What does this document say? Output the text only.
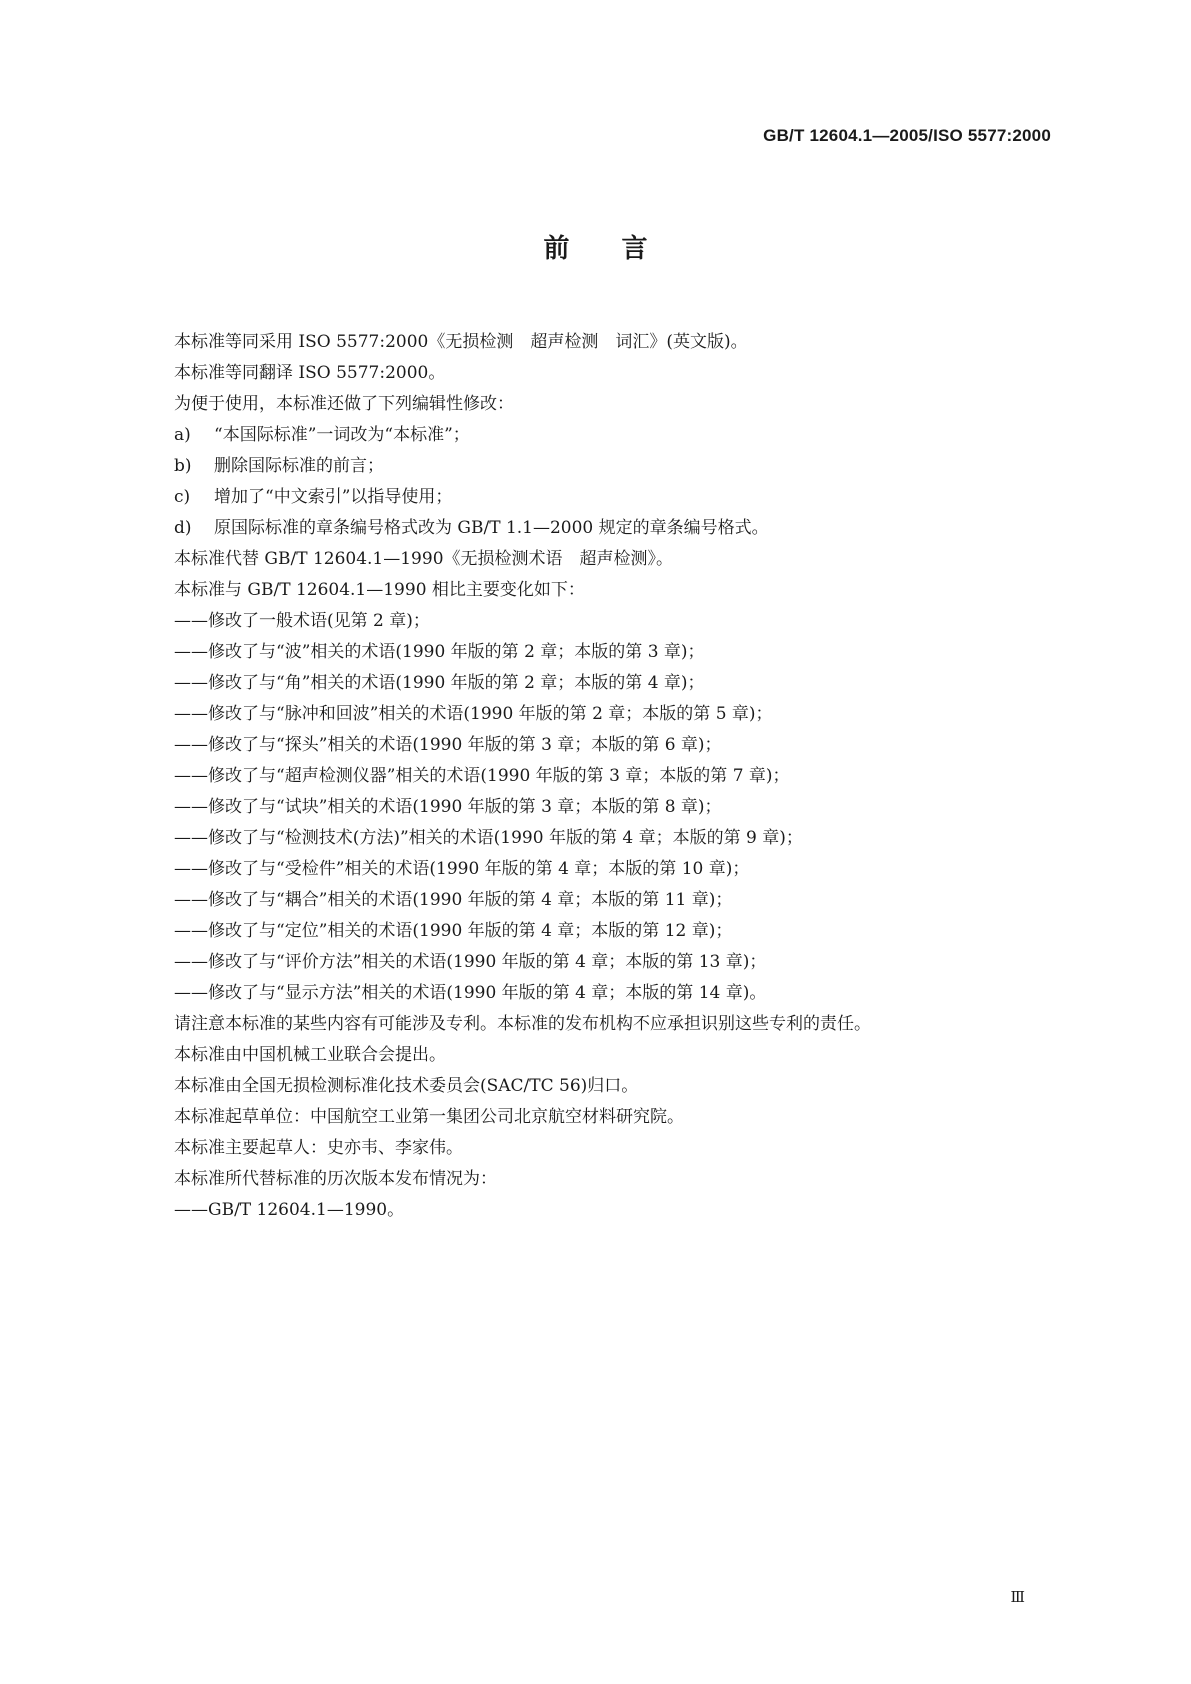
GB/T 12604.1—2005/ISO 5577:2000
前言
本标准等同采用 ISO 5577:2000《无损检测　超声检测　词汇》(英文版)。
本标准等同翻译 ISO 5577:2000。
为便于使用，本标准还做了下列编辑性修改：
a) “本国际标准”一词改为“本标准”；
b) 删除国际标准的前言；
c) 增加了“中文索引”以指导使用；
d) 原国际标准的章条编号格式改为 GB/T 1.1—2000 规定的章条编号格式。
本标准代替 GB/T 12604.1—1990《无损检测术语　超声检测》。
本标准与 GB/T 12604.1—1990 相比主要变化如下：
——修改了一般术语(见第 2 章)；
——修改了与“波”相关的术语(1990 年版的第 2 章；本版的第 3 章)；
——修改了与“角”相关的术语(1990 年版的第 2 章；本版的第 4 章)；
——修改了与“脉冲和回波”相关的术语(1990 年版的第 2 章；本版的第 5 章)；
——修改了与“探头”相关的术语(1990 年版的第 3 章；本版的第 6 章)；
——修改了与“超声检测仪器”相关的术语(1990 年版的第 3 章；本版的第 7 章)；
——修改了与“试块”相关的术语(1990 年版的第 3 章；本版的第 8 章)；
——修改了与“检测技术(方法)”相关的术语(1990 年版的第 4 章；本版的第 9 章)；
——修改了与“受检件”相关的术语(1990 年版的第 4 章；本版的第 10 章)；
——修改了与“耦合”相关的术语(1990 年版的第 4 章；本版的第 11 章)；
——修改了与“定位”相关的术语(1990 年版的第 4 章；本版的第 12 章)；
——修改了与“评价方法”相关的术语(1990 年版的第 4 章；本版的第 13 章)；
——修改了与“显示方法”相关的术语(1990 年版的第 4 章；本版的第 14 章)。
请注意本标准的某些内容有可能涉及专利。本标准的发布机构不应承担识别这些专利的责任。
本标准由中国机械工业联合会提出。
本标准由全国无损检测标准化技术委员会(SAC/TC 56)归口。
本标准起草单位：中国航空工业第一集团公司北京航空材料研究院。
本标准主要起草人：史亦韦、李家伟。
本标准所代替标准的历次版本发布情况为：
——GB/T 12604.1—1990。
Ⅲ
